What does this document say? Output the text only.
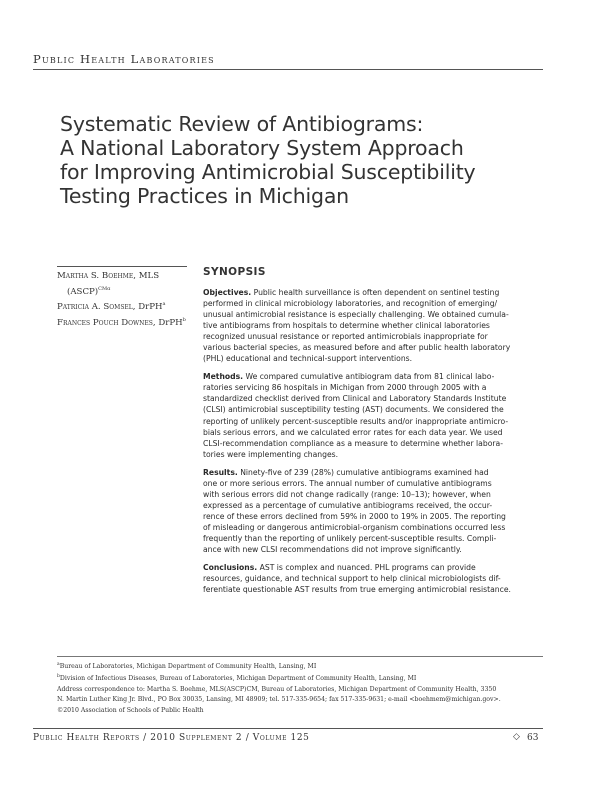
Public Health Laboratories
Systematic Review of Antibiograms:
A National Laboratory System Approach
for Improving Antimicrobial Susceptibility
Testing Practices in Michigan
Martha S. Boehme, MLS
(ASCP)$^{CMɑ}$
Patricia A. Somsel, DrPH$^a$
Frances Pouch Downes, DrPH$^b$
SYNOPSIS
Objectives. Public health surveillance is often dependent on sentinel testing
performed in clinical microbiology laboratories, and recognition of emerging/
unusual antimicrobial resistance is especially challenging. We obtained cumula-
tive antibiograms from hospitals to determine whether clinical laboratories
recognized unusual resistance or reported antimicrobials inappropriate for
various bacterial species, as measured before and after public health laboratory
(PHL) educational and technical-support interventions.
Methods. We compared cumulative antibiogram data from 81 clinical labo-
ratories servicing 86 hospitals in Michigan from 2000 through 2005 with a
standardized checklist derived from Clinical and Laboratory Standards Institute
(CLSI) antimicrobial susceptibility testing (AST) documents. We considered the
reporting of unlikely percent-susceptible results and/or inappropriate antimicro-
bials serious errors, and we calculated error rates for each data year. We used
CLSI-recommendation compliance as a measure to determine whether labora-
tories were implementing changes.
Results. Ninety-five of 239 (28%) cumulative antibiograms examined had
one or more serious errors. The annual number of cumulative antibiograms
with serious errors did not change radically (range: 10–13); however, when
expressed as a percentage of cumulative antibiograms received, the occur-
rence of these errors declined from 59% in 2000 to 19% in 2005. The reporting
of misleading or dangerous antimicrobial-organism combinations occurred less
frequently than the reporting of unlikely percent-susceptible results. Compli-
ance with new CLSI recommendations did not improve significantly.
Conclusions. AST is complex and nuanced. PHL programs can provide
resources, guidance, and technical support to help clinical microbiologists dif-
ferentiate questionable AST results from true emerging antimicrobial resistance.
$^a$Bureau of Laboratories, Michigan Department of Community Health, Lansing, MI
$^b$Division of Infectious Diseases, Bureau of Laboratories, Michigan Department of Community Health, Lansing, MI
Address correspondence to: Martha S. Boehme, MLS(ASCP)CM, Bureau of Laboratories, Michigan Department of Community Health, 3350
N. Martin Luther King Jr. Blvd., PO Box 30035, Lansing, MI 48909; tel. 517-335-9654; fax 517-335-9631; e-mail <boehmem@michigan.gov>.
©2010 Association of Schools of Public Health
Public Health Reports / 2010 Supplement 2 / Volume 125	◇ 63
